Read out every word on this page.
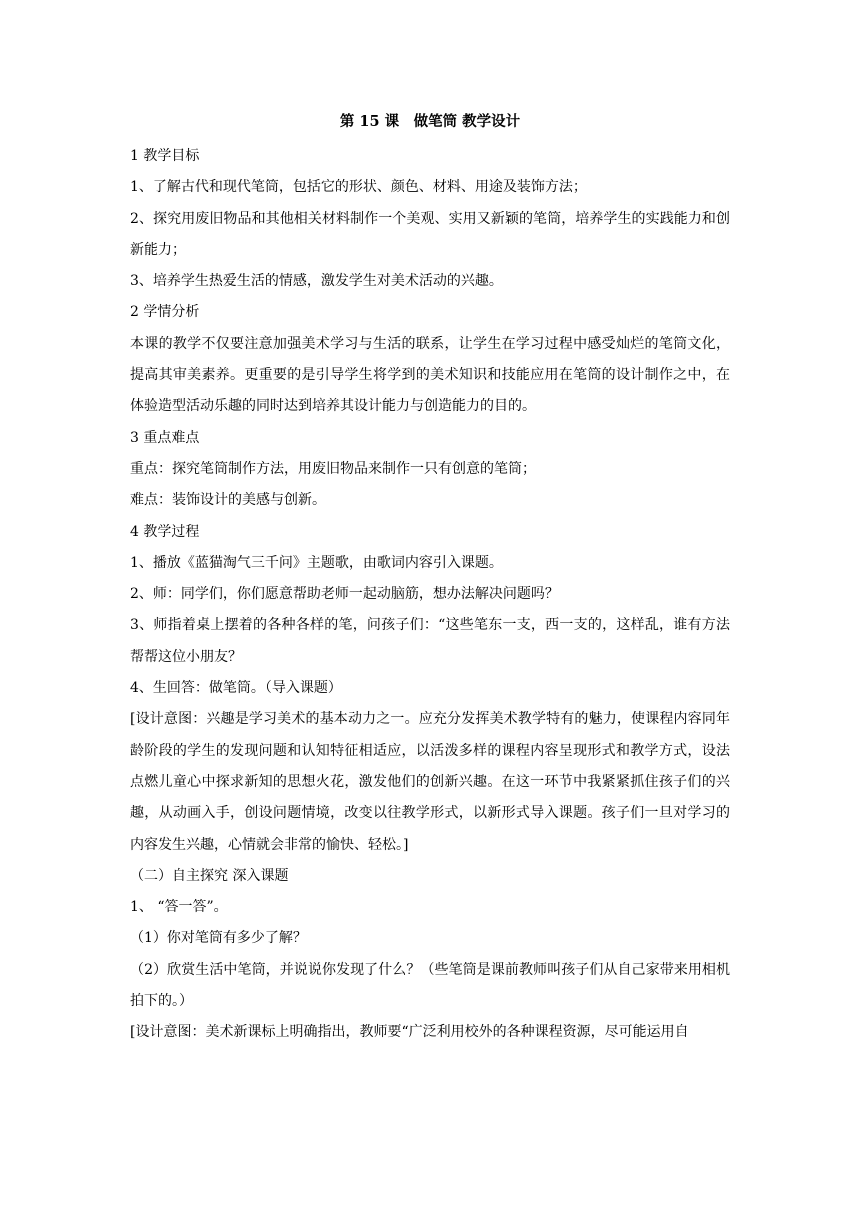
第 15 课　做笔筒 教学设计

1 教学目标

1、了解古代和现代笔筒，包括它的形状、颜色、材料、用途及装饰方法；

2、探究用废旧物品和其他相关材料制作一个美观、实用又新颖的笔筒，培养学生的实践能力和创新能力；

3、培养学生热爱生活的情感，激发学生对美术活动的兴趣。

2 学情分析

本课的教学不仅要注意加强美术学习与生活的联系，让学生在学习过程中感受灿烂的笔筒文化，提高其审美素养。更重要的是引导学生将学到的美术知识和技能应用在笔筒的设计制作之中，在体验造型活动乐趣的同时达到培养其设计能力与创造能力的目的。

3 重点难点

重点：探究笔筒制作方法，用废旧物品来制作一只有创意的笔筒；

难点：装饰设计的美感与创新。

4 教学过程

1、播放《蓝猫淘气三千问》主题歌，由歌词内容引入课题。

2、师：同学们，你们愿意帮助老师一起动脑筋，想办法解决问题吗？

3、师指着桌上摆着的各种各样的笔，问孩子们：“这些笔东一支，西一支的，这样乱，谁有方法帮帮这位小朋友？

4、生回答：做笔筒。（导入课题）

[设计意图：兴趣是学习美术的基本动力之一。应充分发挥美术教学特有的魅力，使课程内容同年龄阶段的学生的发现问题和认知特征相适应，以活泼多样的课程内容呈现形式和教学方式，设法点燃儿童心中探求新知的思想火花，激发他们的创新兴趣。在这一环节中我紧紧抓住孩子们的兴趣，从动画入手，创设问题情境，改变以往教学形式，以新形式导入课题。孩子们一旦对学习的内容发生兴趣，心情就会非常的愉快、轻松。]

（二）自主探究 深入课题

1、 “答一答”。

（1）你对笔筒有多少了解？

（2）欣赏生活中笔筒，并说说你发现了什么？（些笔筒是课前教师叫孩子们从自己家带来用相机拍下的。）

[设计意图：美术新课标上明确指出，教师要“广泛利用校外的各种课程资源，尽可能运用自
